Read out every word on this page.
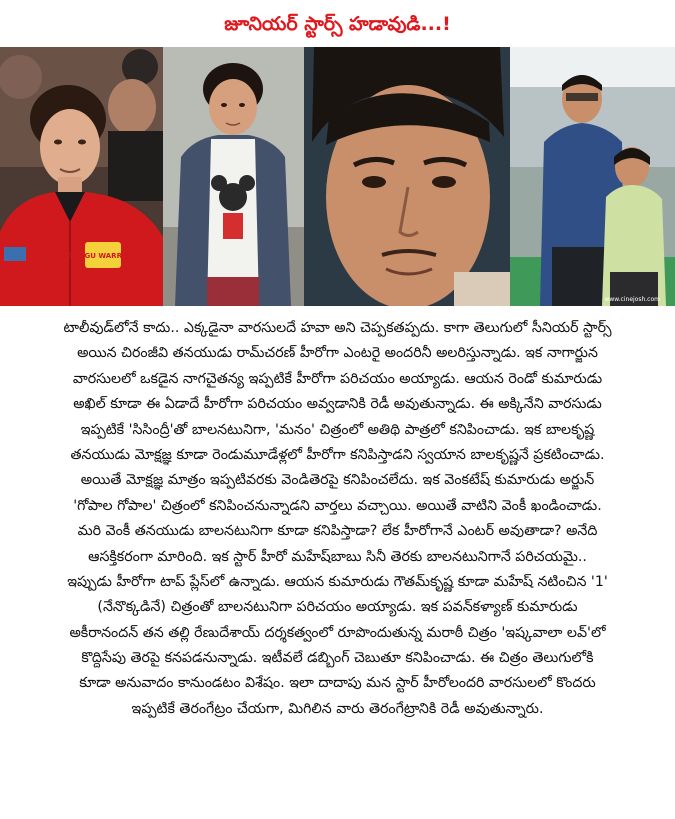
జూనియర్ స్టార్స్ హడావుడి...!
TELUGU WARRIORS
www.cinejosh.com
టాలీవుడ్‌లోనే కాదు.. ఎక్కడైనా వారసులదే హవా అని చెప్పకతప్పదు. కాగా తెలుగులో సీనియర్ స్టార్స్
అయిన చిరంజీవి తనయుడు రామ్‌చరణ్ హీరోగా ఎంటరై అందరినీ అలరిస్తున్నాడు. ఇక నాగార్జున
వారసులలో ఒకడైన నాగచైతన్య ఇప్పటికే హీరోగా పరిచయం అయ్యాడు. ఆయన రెండో కుమారుడు
అఖిల్ కూడా ఈ ఏడాదే హీరోగా పరిచయం అవ్వడానికి రెడీ అవుతున్నాడు. ఈ అక్కినేని వారసుడు
ఇప్పటికే 'సిసింద్రీ'తో బాలనటునిగా, 'మనం' చిత్రంలో అతిథి పాత్రలో కనిపించాడు. ఇక బాలకృష్ణ
తనయుడు మోక్షజ్ఞ కూడా రెండుమూడేళ్లలో హీరోగా కనిపిస్తాడని స్వయాన బాలకృష్ణనే ప్రకటించాడు.
అయితే మోక్షజ్ఞ మాత్రం ఇప్పటివరకు వెండితెరపై కనిపించలేదు. ఇక వెంకటేష్ కుమారుడు అర్జున్
'గోపాల గోపాల' చిత్రంలో కనిపించనున్నాడని వార్తలు వచ్చాయి. అయితే వాటిని వెంకీ ఖండించాడు.
మరి వెంకీ తనయుడు బాలనటునిగా కూడా కనిపిస్తాడా? లేక హీరోగానే ఎంటర్ అవుతాడా? అనేది
ఆసక్తికరంగా మారింది. ఇక స్టార్ హీరో మహేష్‌బాబు సినీ తెరకు బాలనటునిగానే పరిచయమై..
ఇప్పుడు హీరోగా టాప్ ప్లేస్‌లో ఉన్నాడు. ఆయన కుమారుడు గౌతమ్‌కృష్ణ కూడా మహేష్ నటించిన '1'
(నేనొక్కడినే) చిత్రంతో బాలనటునిగా పరిచయం అయ్యాడు. ఇక పవన్‌కళ్యాణ్ కుమారుడు
అకీరానందన్ తన తల్లి రేణుదేశాయ్ దర్శకత్వంలో రూపొందుతున్న మరాఠీ చిత్రం 'ఇష్కవాలా లవ్'లో
కొద్దిసేపు తెరపై కనపడనున్నాడు. ఇటీవలే డబ్బింగ్ చెబుతూ కనిపించాడు. ఈ చిత్రం తెలుగులోకి
కూడా అనువాదం కానుండటం విశేషం. ఇలా దాదాపు మన స్టార్ హీరోలందరి వారసులలో కొందరు
ఇప్పటికే తెరంగేట్రం చేయగా, మిగిలిన వారు తెరంగేట్రానికి రెడీ అవుతున్నారు.
